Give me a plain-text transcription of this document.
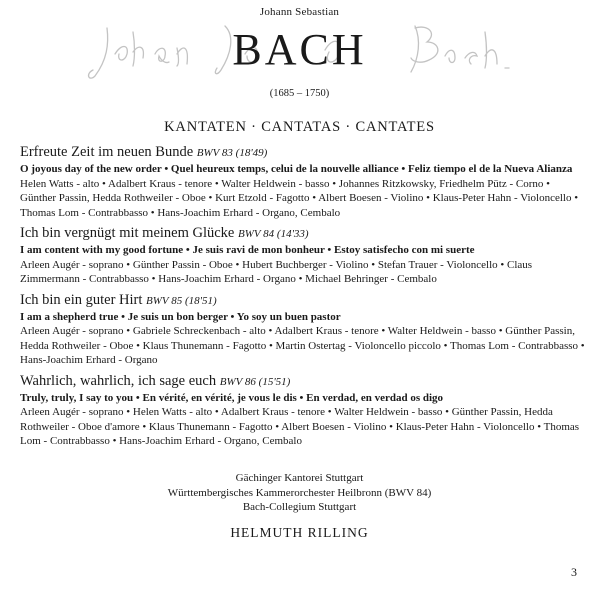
Johann Sebastian
BACH
(1685 – 1750)
KANTATEN · CANTATAS · CANTATES
Erfreute Zeit im neuen Bunde BWV 83 (18'49)
O joyous day of the new order • Quel heureux temps, celui de la nouvelle alliance • Feliz tiempo el de la Nueva Alianza
Helen Watts - alto • Adalbert Kraus - tenore • Walter Heldwein - basso • Johannes Ritzkowsky, Friedhelm Pütz - Corno • Günther Passin, Hedda Rothweiler - Oboe • Kurt Etzold - Fagotto • Albert Boesen - Violino • Klaus-Peter Hahn - Violoncello • Thomas Lom - Contrabbasso • Hans-Joachim Erhard - Organo, Cembalo
Ich bin vergnügt mit meinem Glücke BWV 84 (14'33)
I am content with my good fortune • Je suis ravi de mon bonheur • Estoy satisfecho con mi suerte
Arleen Augér - soprano • Günther Passin - Oboe • Hubert Buchberger - Violino • Stefan Trauer - Violoncello • Claus Zimmermann - Contrabbasso • Hans-Joachim Erhard - Organo • Michael Behringer - Cembalo
Ich bin ein guter Hirt BWV 85 (18'51)
I am a shepherd true • Je suis un bon berger • Yo soy un buen pastor
Arleen Augér - soprano • Gabriele Schreckenbach - alto • Adalbert Kraus - tenore • Walter Heldwein - basso • Günther Passin, Hedda Rothweiler - Oboe • Klaus Thunemann - Fagotto • Martin Ostertag - Violoncello piccolo • Thomas Lom - Contrabbasso • Hans-Joachim Erhard - Organo
Wahrlich, wahrlich, ich sage euch BWV 86 (15'51)
Truly, truly, I say to you • En vérité, en vérité, je vous le dis • En verdad, en verdad os digo
Arleen Augér - soprano • Helen Watts - alto • Adalbert Kraus - tenore • Walter Heldwein - basso • Günther Passin, Hedda Rothweiler - Oboe d'amore • Klaus Thunemann - Fagotto • Albert Boesen - Violino • Klaus-Peter Hahn - Violoncello • Thomas Lom - Contrabbasso • Hans-Joachim Erhard - Organo, Cembalo
Gächinger Kantorei Stuttgart
Württembergisches Kammerorchester Heilbronn (BWV 84)
Bach-Collegium Stuttgart
HELMUTH RILLING
3
